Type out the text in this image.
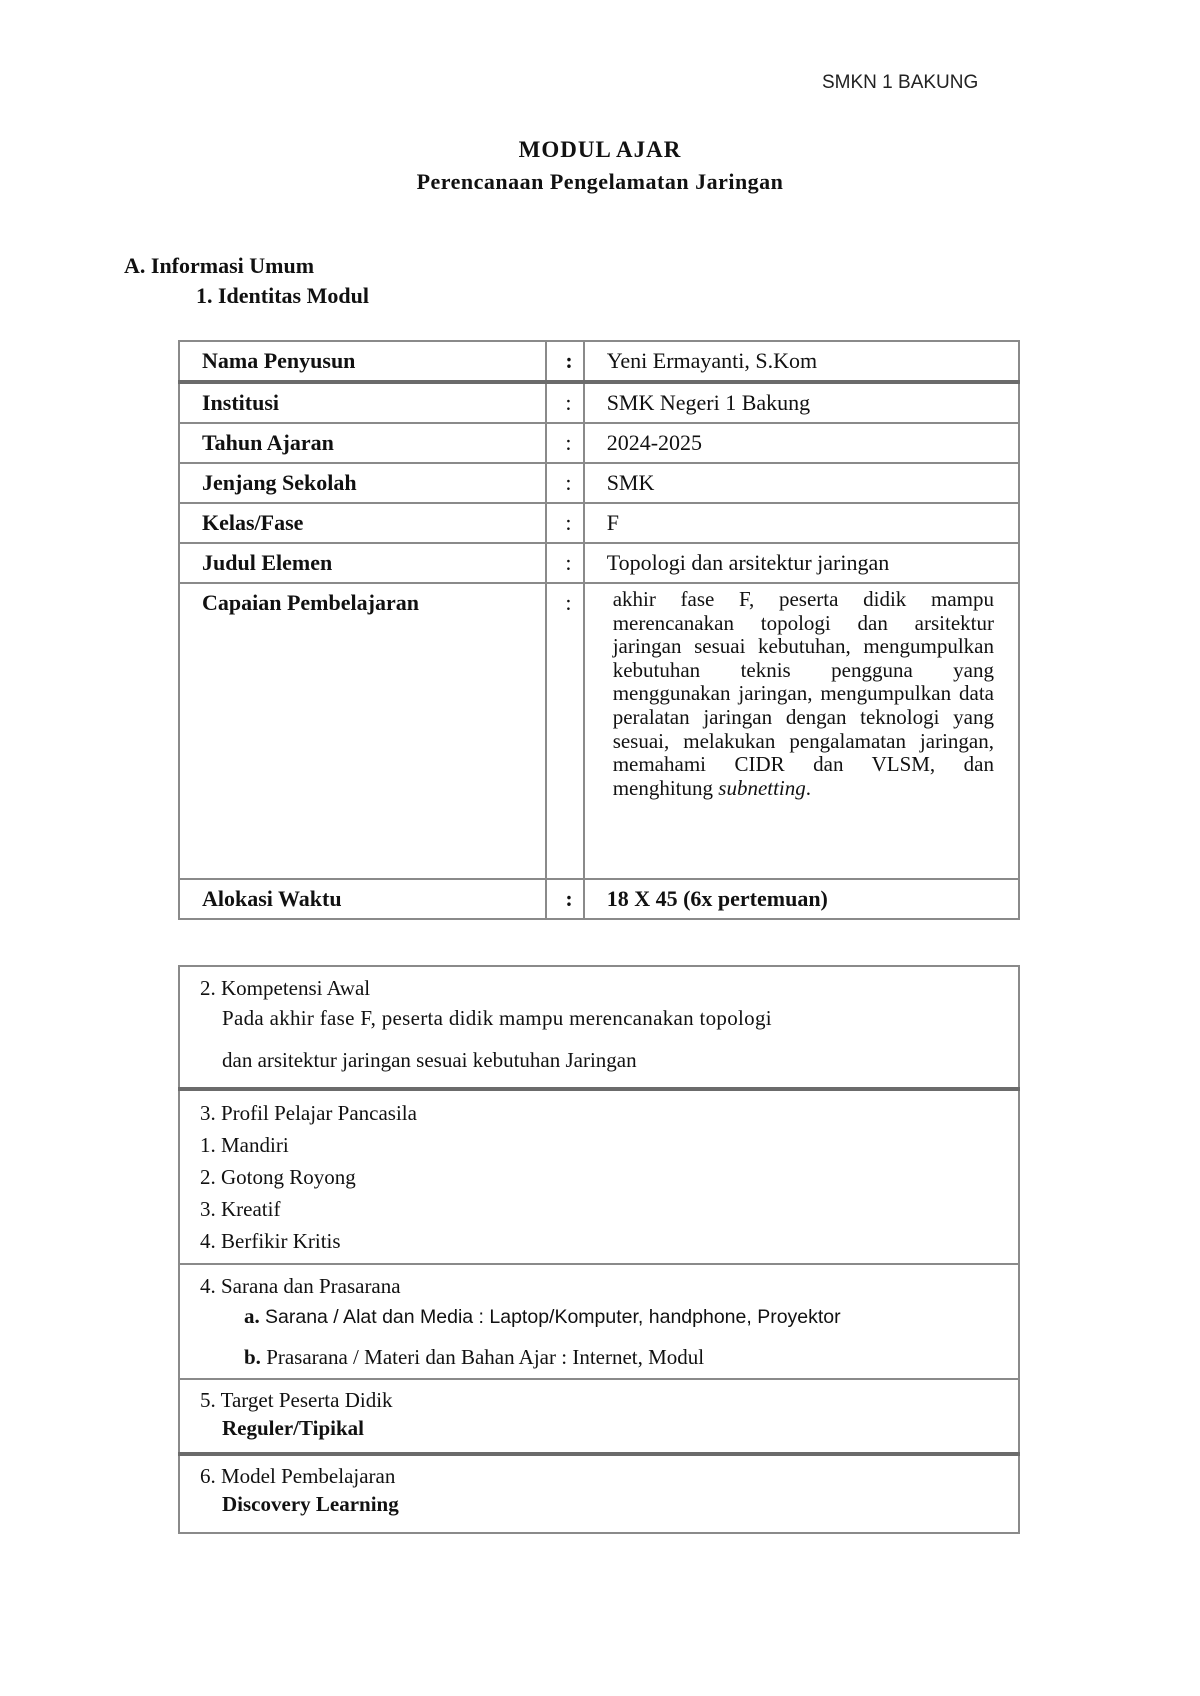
SMKN 1 BAKUNG
MODUL AJAR
Perencanaan Pengelamatan Jaringan
A. Informasi Umum
1. Identitas Modul
Nama Penyusun	:	Yeni Ermayanti, S.Kom
Institusi	:	SMK Negeri 1 Bakung
Tahun Ajaran	:	2024-2025
Jenjang Sekolah	:	SMK
Kelas/Fase	:	F
Judul Elemen	:	Topologi dan arsitektur jaringan
Capaian Pembelajaran	:	akhir fase F, peserta didik mampu merencanakan topologi dan arsitektur jaringan sesuai kebutuhan, mengumpulkan kebutuhan teknis pengguna yang menggunakan jaringan, mengumpulkan data peralatan jaringan dengan teknologi yang sesuai, melakukan pengalamatan jaringan, memahami CIDR dan VLSM, dan menghitung subnetting.

Alokasi Waktu	:	18 X 45 (6x pertemuan)
2. Kompetensi Awal
Pada akhir fase F, peserta didik mampu merencanakan topologi
dan arsitektur jaringan sesuai kebutuhan Jaringan

3. Profil Pelajar Pancasila
1. Mandiri
2. Gotong Royong
3. Kreatif
4. Berfikir Kritis

4. Sarana dan Prasarana
a. Sarana / Alat dan Media : Laptop/Komputer, handphone, Proyektor
b. Prasarana / Materi dan Bahan Ajar : Internet, Modul

5. Target Peserta Didik
Reguler/Tipikal

6. Model Pembelajaran
Discovery Learning
